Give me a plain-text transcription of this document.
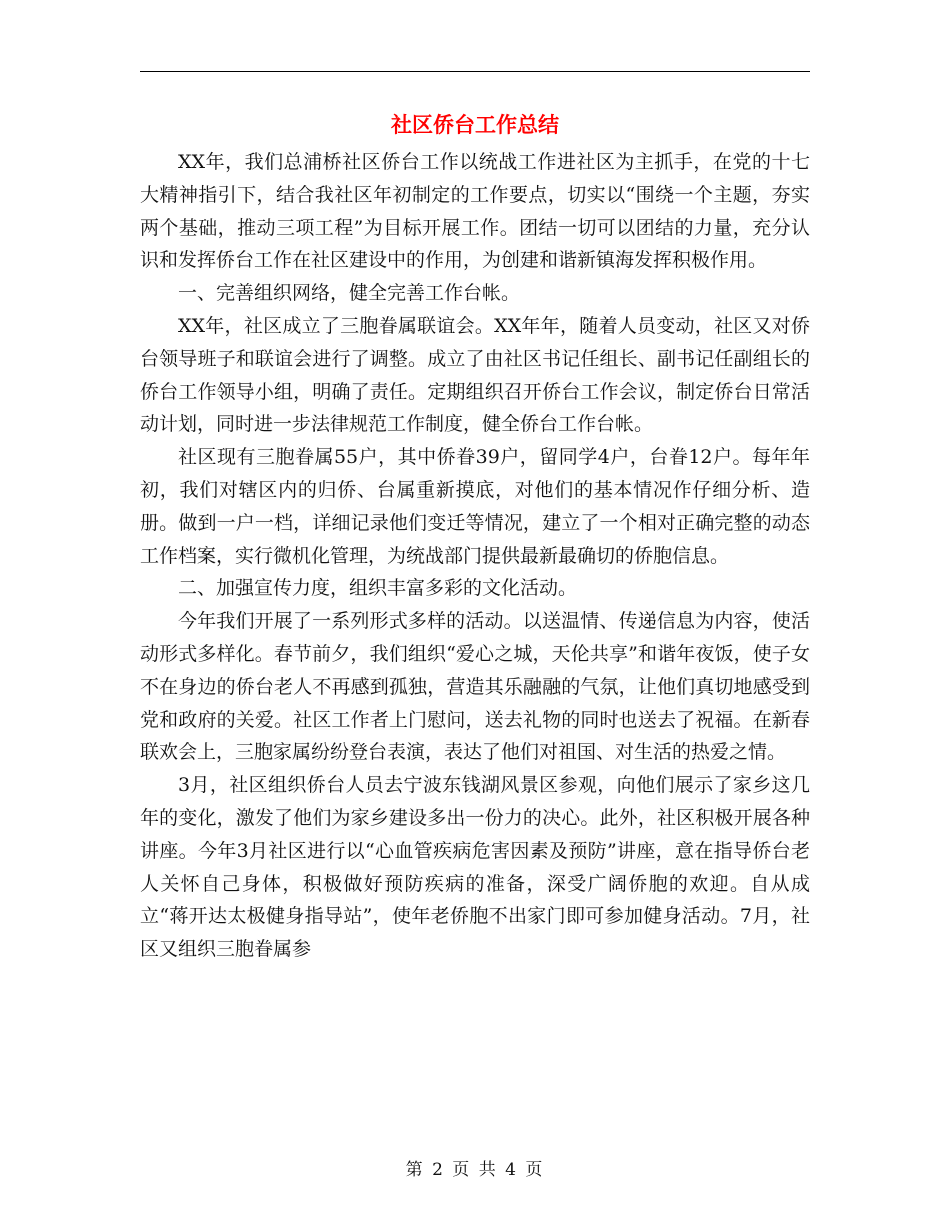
社区侨台工作总结

XX年，我们总浦桥社区侨台工作以统战工作进社区为主抓手，在党的十七大精神指引下，结合我社区年初制定的工作要点，切实以“围绕一个主题，夯实两个基础，推动三项工程”为目标开展工作。团结一切可以团结的力量，充分认识和发挥侨台工作在社区建设中的作用，为创建和谐新镇海发挥积极作用。

一、完善组织网络，健全完善工作台帐。

XX年，社区成立了三胞眷属联谊会。XX年年，随着人员变动，社区又对侨台领导班子和联谊会进行了调整。成立了由社区书记任组长、副书记任副组长的侨台工作领导小组，明确了责任。定期组织召开侨台工作会议，制定侨台日常活动计划，同时进一步法律规范工作制度，健全侨台工作台帐。

社区现有三胞眷属55户，其中侨眷39户，留同学4户，台眷12户。每年年初，我们对辖区内的归侨、台属重新摸底，对他们的基本情况作仔细分析、造册。做到一户一档，详细记录他们变迁等情况，建立了一个相对正确完整的动态工作档案，实行微机化管理，为统战部门提供最新最确切的侨胞信息。

二、加强宣传力度，组织丰富多彩的文化活动。

今年我们开展了一系列形式多样的活动。以送温情、传递信息为内容，使活动形式多样化。春节前夕，我们组织“爱心之城，天伦共享”和谐年夜饭，使子女不在身边的侨台老人不再感到孤独，营造其乐融融的气氛，让他们真切地感受到党和政府的关爱。社区工作者上门慰问，送去礼物的同时也送去了祝福。在新春联欢会上，三胞家属纷纷登台表演，表达了他们对祖国、对生活的热爱之情。

3月，社区组织侨台人员去宁波东钱湖风景区参观，向他们展示了家乡这几年的变化，激发了他们为家乡建设多出一份力的决心。此外，社区积极开展各种讲座。今年3月社区进行以“心血管疾病危害因素及预防”讲座，意在指导侨台老人关怀自己身体，积极做好预防疾病的准备，深受广阔侨胞的欢迎。自从成立“蒋开达太极健身指导站”，使年老侨胞不出家门即可参加健身活动。7月，社区又组织三胞眷属参

第 2 页 共 4 页
